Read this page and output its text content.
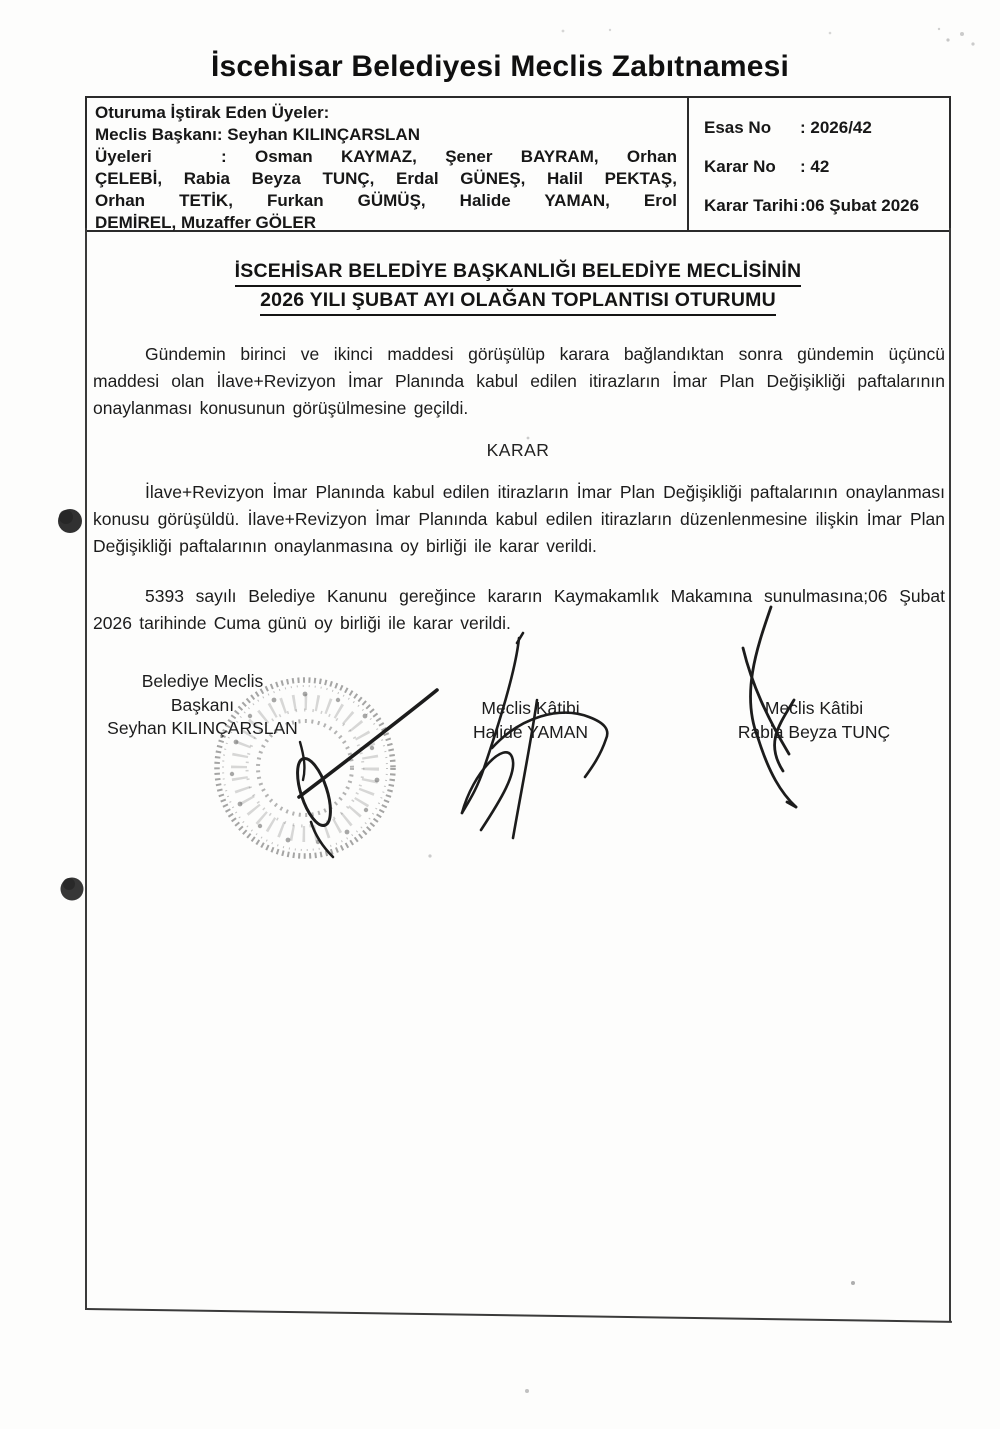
İscehisar Belediyesi Meclis Zabıtnamesi
Oturuma İştirak Eden Üyeler:
Meclis Başkanı: Seyhan KILINÇARSLAN
Üyeleri	: Osman KAYMAZ, Şener BAYRAM, Orhan
ÇELEBİ, Rabia Beyza TUNÇ, Erdal GÜNEŞ, Halil PEKTAŞ,
Orhan TETİK, Furkan GÜMÜŞ, Halide YAMAN, Erol
DEMİREL, Muzaffer GÖLER
Esas No	: 2026/42
Karar No	: 42
Karar Tarihi :06 Şubat 2026
İSCEHİSAR BELEDİYE BAŞKANLIĞI BELEDİYE MECLİSİNİN
2026 YILI ŞUBAT AYI OLAĞAN TOPLANTISI OTURUMU

Gündemin birinci ve ikinci maddesi görüşülüp karara bağlandıktan sonra gündemin üçüncü maddesi olan İlave+Revizyon İmar Planında kabul edilen itirazların İmar Plan Değişikliği paftalarının onaylanması konusunun görüşülmesine geçildi.

KARAR

İlave+Revizyon İmar Planında kabul edilen itirazların İmar Plan Değişikliği paftalarının onaylanması konusu görüşüldü. İlave+Revizyon İmar Planında kabul edilen itirazların düzenlenmesine ilişkin İmar Plan Değişikliği paftalarının onaylanmasına oy birliği ile karar verildi.

5393 sayılı Belediye Kanunu gereğince kararın Kaymakamlık Makamına sunulmasına;06 Şubat 2026 tarihinde Cuma günü oy birliği ile karar verildi.

Belediye Meclis
Başkanı
Seyhan KILINÇARSLAN
Meclis Kâtibi
Halide YAMAN
Meclis Kâtibi
Rabia Beyza TUNÇ
